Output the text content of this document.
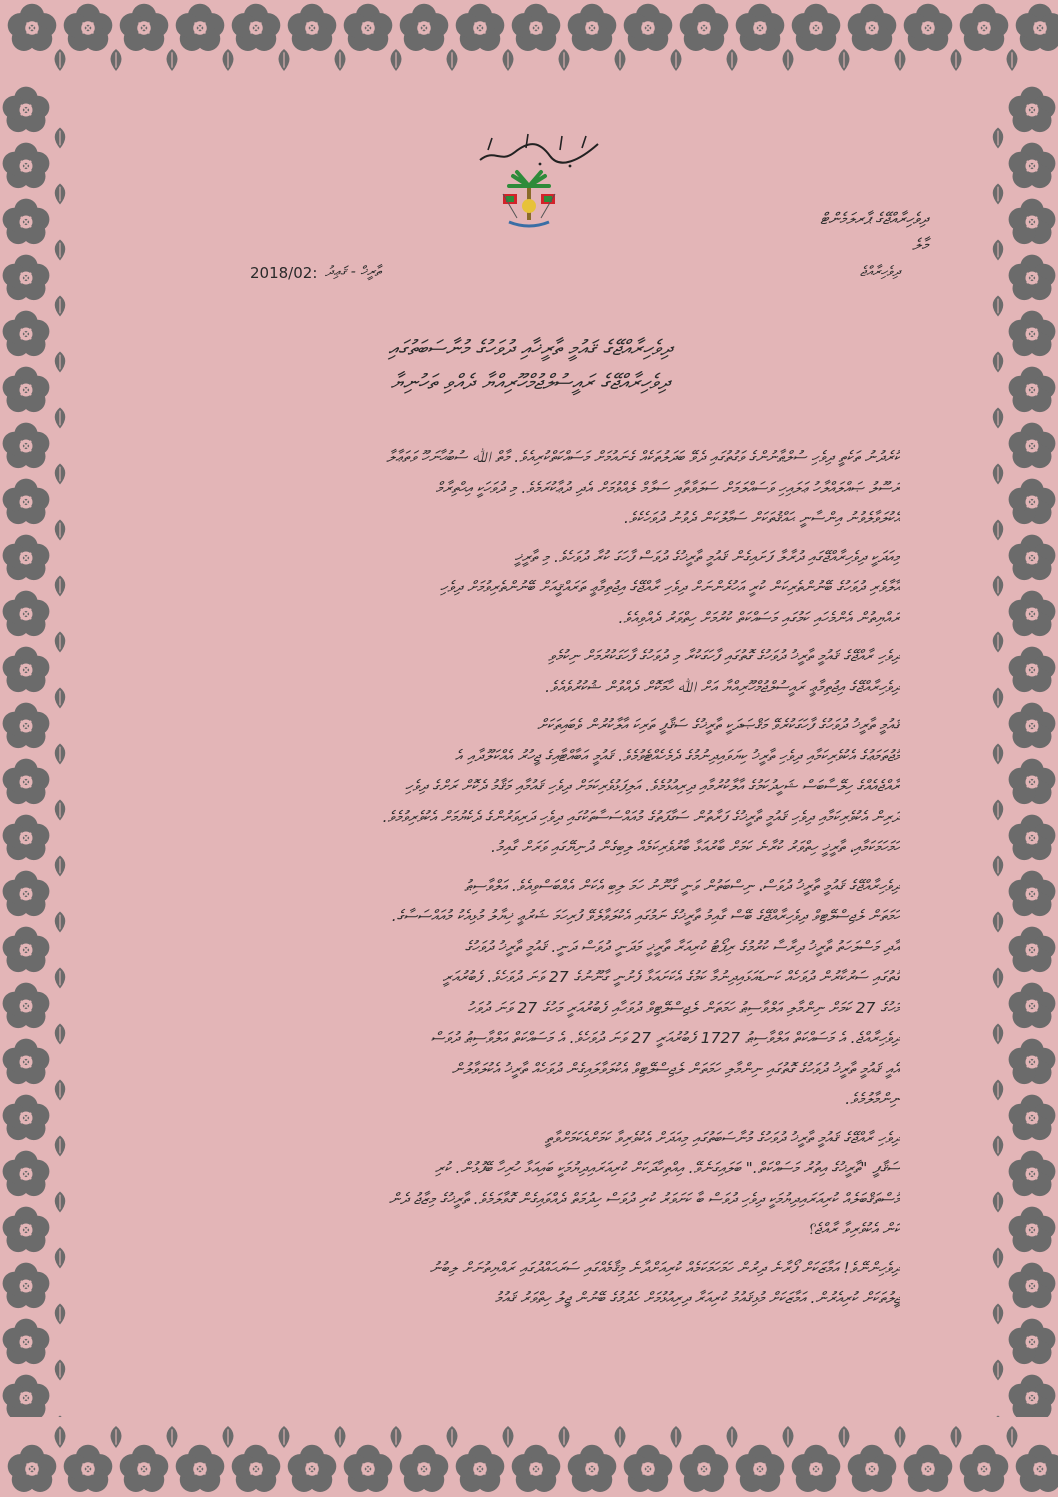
ދިވެހިރާއްޖޭގެ ޕާރލަމެންޓް
މާލެ
2018/02: ތާރީޚް - ޤަޢިދު	ދިވެހިރާއްޖެ
ދިވެހިރާއްޖޭގެ ޤައުމީ ތާރީޚާއި ދުވަހުގެ މުނާސަބަތުގައި
ދިވެހިރާއްޖޭގެ ރައީސުލްޖުމްހޫރިއްޔާ ދެއްވި ތަހުނިޔާ
ކުރެދުނު ތަކެތީ ދިވެހި ސުލްޠާނުންގެ ވަގުތުގައި ދެވޭ ބަދަލުތަކެއް ގެނައުމަށް މަސައްކަތްކުރިއެވެ. މާތް ﷲ ސުބުޙާނަހޫ ވަތަޢާލާ
ރަސޫލު ޞައްލައްލާހު ޢަލައިހި ވަސައްލަމަށް ސަލަވާތާއި ސަލާމް ލެއްވުމަށް އެދި ދުޢާކުރަމެވެ. މި ދުވަހަކީ އިޙްތިރާމް
އެކުލަވާލެވުނު އިންސާނީ ޙައްޤުތަކަށް ސަމާލުކަން ދެވުނު ދުވަހެކެވެ.
މިއަދަކީ ދިވެހިރާއްޖޭގައި ދުރާލާ ފަށައިގެން ޤައުމީ ތާރީޚުގެ ދުވަސް ފާހަގަ ކުރާ ދުވަހެވެ. މި ތާރީޚީ
އާލާވެރި ދުވަހުގެ ބޭނުންތެރިކަން ކުރީ އަހުރެންނަށް ދިވެހި ރާއްޖޭގެ އިޖުތިމާޢީ ތަރައްޤީއަށް ބޭނުންތެރިވުމަށް ދިވެހި
ރައްޔިތުން އެންމެހައި ކަމުގައި މަސައްކަތް ކުރުމަށް ހިތްވަރު ދެއްވިއެވެ.
ދިވެހި ރާއްޖޭގެ ޤައުމީ ތާރީޚު ދުވަހުގެ ގޮތުގައި ފާހަގަކުރާ މި ދުވަހުގެ ފާހަގަކުރުމަށް ނިކުމެވި
ދިވެހިރާއްޖޭގެ އިޖުތިމާޢީ ރައީސުލްޖުމްހޫރިއްޔާ އަށް ﷲ ހާމަކޮށް ދެއްވުން ޝުކުރުވެއެވެ.
ޤައުމީ ތާރީޚު ދުވަހުގެ ފާހަގަކުރެވޭ މަޤްޞަދަކީ ތާރީޚުގެ ސަޤާފީ ތަރިކަ އާލާކުރުން ވެބައިތަކަށް
މުޖުތަމަޢުގެ އެކުވެރިކަމާއި ދިވެހި ތާރީޚު ކިޔަވައިދިނުމުގެ ދެމެހެއްޓެވުމެވެ. ޤައުމީ އަބާއްޓާއިގެ ޖީހުރު އެއްކަލޫދާއި އެ
ރާއްޖެއެއްގެ ހިލޭސާބަސް ޝަހީދުކަމުގެ އާލާކުރުމާއި ދިރިއުޅުމެވެ. އަލިފަޅުވެރިކަމަށް ދިވެހި ޤައުމާއި މަޤާމު ދެކޮށް ރަށްގެ ދިވެހި
ދަރިން އެކުވެރިކަމާއި ދިވެހި ޤައުމީ ތާރީޚުގެ ފަރާތުން ސަގާފަތުގެ މުއައްސަސާތަކުގައި ދިވެހި ދަރިވަރުންގެ ދެކެޔުމަށް އެކުވެރިވުމެވެ.
ހަމަހަމަކަމާއި، ތާރީޚީ ހިތްވަރު ކުރާނެ ކަމަށް ބާރުއަޅާ ބާރުވެރިކަމެއް ލިބިގެން ދުނިޔޭގައި ވަރަށް ގާއިމު.
ދިވެހިރާއްޖޭގެ ޤައުމީ ތާރީޚު ދުވަސް، ނިސްބަތުން ވަނީ ގާނޫނު ހަމަ ލިބި އެކަން އެއްބަސްވިއެވެ. އަލްވާސިޠު
ހަމަތަން ލެޖިސްލޭޓިވް ދިވެހިރާއްޖޭގެ ބޭސް ގާއިމު ތާރީޚުގެ ނަމުގައި އެކުލަވާލެވޭ ފުރިހަމަ ޝަރުޢީ ޚިޔާލު މުޅިއެކު މުއައްސަސާގެ.
އާދި މަސްލަހަތު ތާރީޚު ދިރާސާ ކުރުމުގެ ރިޕޯޓު ކުރިއަރާ ތާރީޚީ މަދަނީ ދުވަސް ދަނީ. ޤައުމީ ތާރީޚު ދުވަހުގެ
ގޮތުގައި ސަރުކާރުން ދުވަހެއް ކަނޑައަޅައިދިނުމާ ކަމުގެ އެކަށައަޅާ ފެށުނީ ގާނޫނުގެ 27 ވަނަ ދުވަހެވެ. ފެބުރުއަރީ
މަހުގެ 27 ކަމަށް ނިންމާލި އަލްވާސިޠު ހަމަތަން ލެޖިސްލޭޓިވް ދުވަހާއި ފެބުރުއަރީ މަހުގެ 27 ވަނަ ދުވަހު
ދިވެހިރާއްޖެ. އެ މަސައްކަތް އަލްވާސިޠު 1727 ފެބުރުއަރީ 27 ވަނަ ދުވަހެވެ. އެ މަސައްކަތް އަލްވާސިޠު ދުވަސް
އެއީ ޤައުމީ ތާރީޚު ދުވަހުގެ ގޮތުގައި ނިންމާލި ހަމަތަން ލެޖިސްލޭޓިވް އެކުލަވާލައިގެން ދުވަހެއް ތާރީޚު އެކުލަވާލުން
ނިންމާލުމެވެ.
ދިވެހި ރާއްޖޭގެ ޤައުމީ ތާރީޚު ދުވަހުގެ މުނާސަބަތުގައި މިއަދަށް އެކުވެރިވާ ކަމަށްއެކަމަށްވާތީ
ސަޤާފީ "ތާރީޚުގެ އިތުރު މަސައްކަތް." ބަލައިގަނެވޭ. އިއްތިހާދަކަށް ކުރިއަރައިދިޔުމަކީ ބައިއަޅާ ހުރިހާ ބޭފުޅުން. ކުރި
މުސްތަޤްބަލެއް ކުރިއަރައިދިޔުމަކީ ދިވެހި ދުވަސް ބާ ކަށަވަރު ކުރި ދުވަސް ހިދުމަތް ދެއްވައިގެން ގޮވާލަމެވެ. ތާރީޚުގެ މިޒާޖު ދެން
ކަން އެކުވެރިވާ ރާއްޖެ؟
ދިވެހިންނޭވެ! އަމާޒަކަށް ފޯރާނެ ދިރުން ހަމަހަމަކަމެއް ކުރިއަށްދާނެ މިޤާމެއްގައި ސަރަޙައްދުގައި ރައްޔިތުނަށް ލިބުނު
ޖީލުތަކަށް ކުރިއެރުން. އަމާޒަކަށް މުޅިޤައުމު ކުރިއަރާ ދިރިއުޅުމަށް ހެދުމުގެ ބޭނުން ޖީލު ހިތްވަރު ޤައުމު
